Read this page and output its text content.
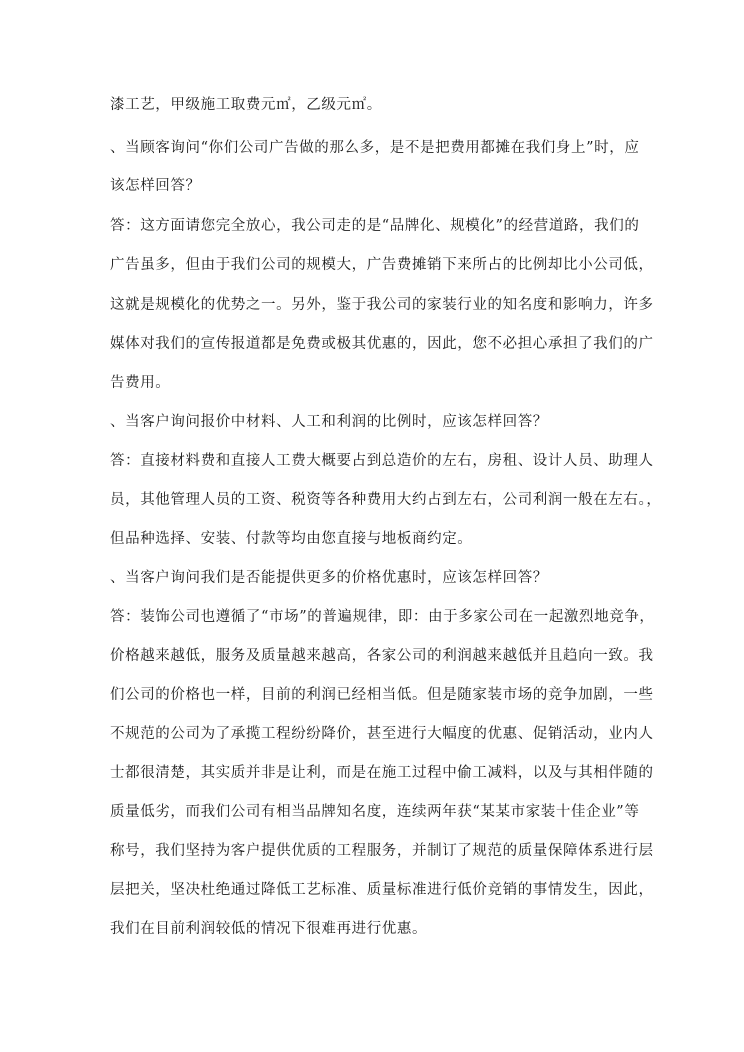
漆工艺，甲级施工取费元㎡，乙级元㎡。

、当顾客询问“你们公司广告做的那么多，是不是把费用都摊在我们身上”时，应

该怎样回答？

答：这方面请您完全放心，我公司走的是“品牌化、规模化”的经营道路，我们的

广告虽多，但由于我们公司的规模大，广告费摊销下来所占的比例却比小公司低，

这就是规模化的优势之一。另外，鉴于我公司的家装行业的知名度和影响力，许多

媒体对我们的宣传报道都是免费或极其优惠的，因此，您不必担心承担了我们的广

告费用。

、当客户询问报价中材料、人工和利润的比例时，应该怎样回答？

答：直接材料费和直接人工费大概要占到总造价的左右，房租、设计人员、助理人

员，其他管理人员的工资、税资等各种费用大约占到左右，公司利润一般在左右。，

但品种选择、安装、付款等均由您直接与地板商约定。

、当客户询问我们是否能提供更多的价格优惠时，应该怎样回答？

答：装饰公司也遵循了“市场”的普遍规律，即：由于多家公司在一起激烈地竞争，

价格越来越低，服务及质量越来越高，各家公司的利润越来越低并且趋向一致。我

们公司的价格也一样，目前的利润已经相当低。但是随家装市场的竞争加剧，一些

不规范的公司为了承揽工程纷纷降价，甚至进行大幅度的优惠、促销活动，业内人

士都很清楚，其实质并非是让利，而是在施工过程中偷工减料，以及与其相伴随的

质量低劣，而我们公司有相当品牌知名度，连续两年获“某某市家装十佳企业”等

称号，我们坚持为客户提供优质的工程服务，并制订了规范的质量保障体系进行层

层把关，坚决杜绝通过降低工艺标准、质量标准进行低价竞销的事情发生，因此，

我们在目前利润较低的情况下很难再进行优惠。
